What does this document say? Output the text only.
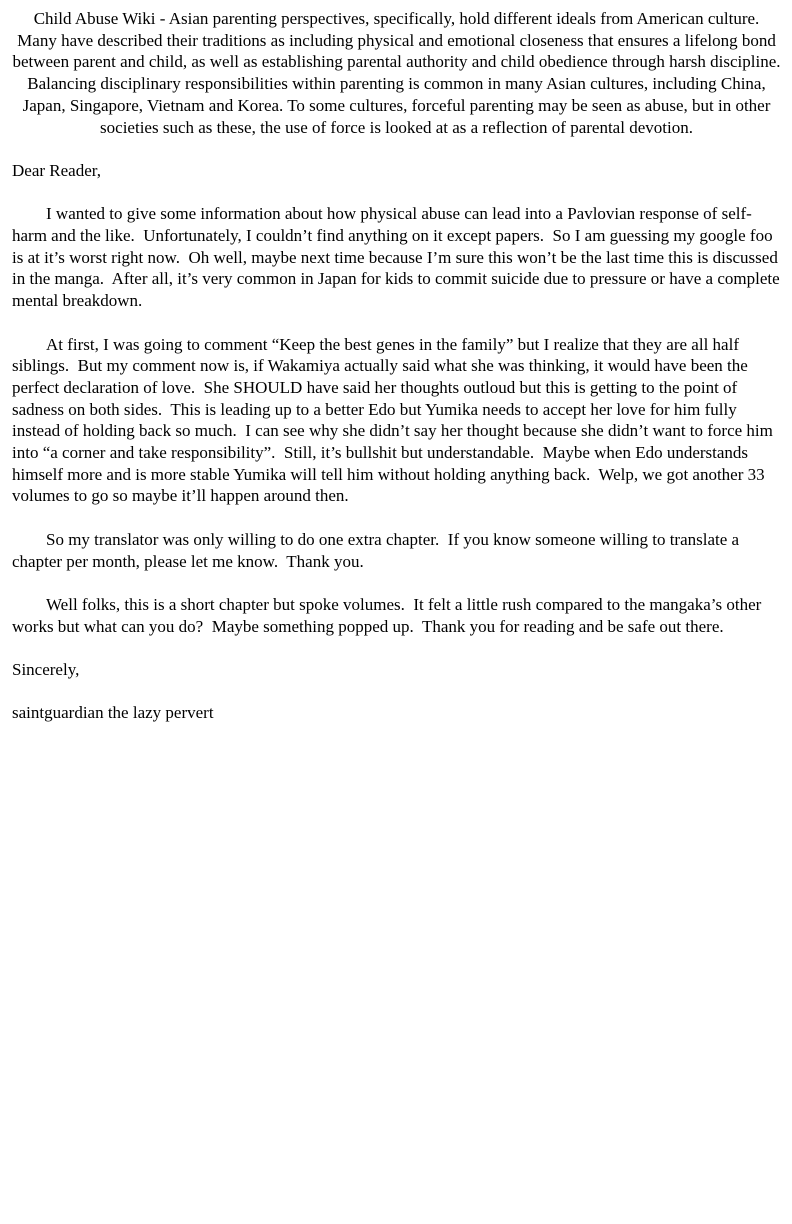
Child Abuse Wiki - Asian parenting perspectives, specifically, hold different ideals from American culture. Many have described their traditions as including physical and emotional closeness that ensures a lifelong bond between parent and child, as well as establishing parental authority and child obedience through harsh discipline. Balancing disciplinary responsibilities within parenting is common in many Asian cultures, including China, Japan, Singapore, Vietnam and Korea. To some cultures, forceful parenting may be seen as abuse, but in other societies such as these, the use of force is looked at as a reflection of parental devotion.

Dear Reader,

I wanted to give some information about how physical abuse can lead into a Pavlovian response of self-harm and the like.  Unfortunately, I couldn’t find anything on it except papers.  So I am guessing my google foo is at it’s worst right now.  Oh well, maybe next time because I’m sure this won’t be the last time this is discussed in the manga.  After all, it’s very common in Japan for kids to commit suicide due to pressure or have a complete mental breakdown.

At first, I was going to comment “Keep the best genes in the family” but I realize that they are all half siblings.  But my comment now is, if Wakamiya actually said what she was thinking, it would have been the perfect declaration of love.  She SHOULD have said her thoughts outloud but this is getting to the point of sadness on both sides.  This is leading up to a better Edo but Yumika needs to accept her love for him fully instead of holding back so much.  I can see why she didn’t say her thought because she didn’t want to force him into “a corner and take responsibility”.  Still, it’s bullshit but understandable.  Maybe when Edo understands himself more and is more stable Yumika will tell him without holding anything back.  Welp, we got another 33 volumes to go so maybe it’ll happen around then.

So my translator was only willing to do one extra chapter.  If you know someone willing to translate a chapter per month, please let me know.  Thank you.

Well folks, this is a short chapter but spoke volumes.  It felt a little rush compared to the mangaka’s other works but what can you do?  Maybe something popped up.  Thank you for reading and be safe out there.

Sincerely,

saintguardian the lazy pervert
